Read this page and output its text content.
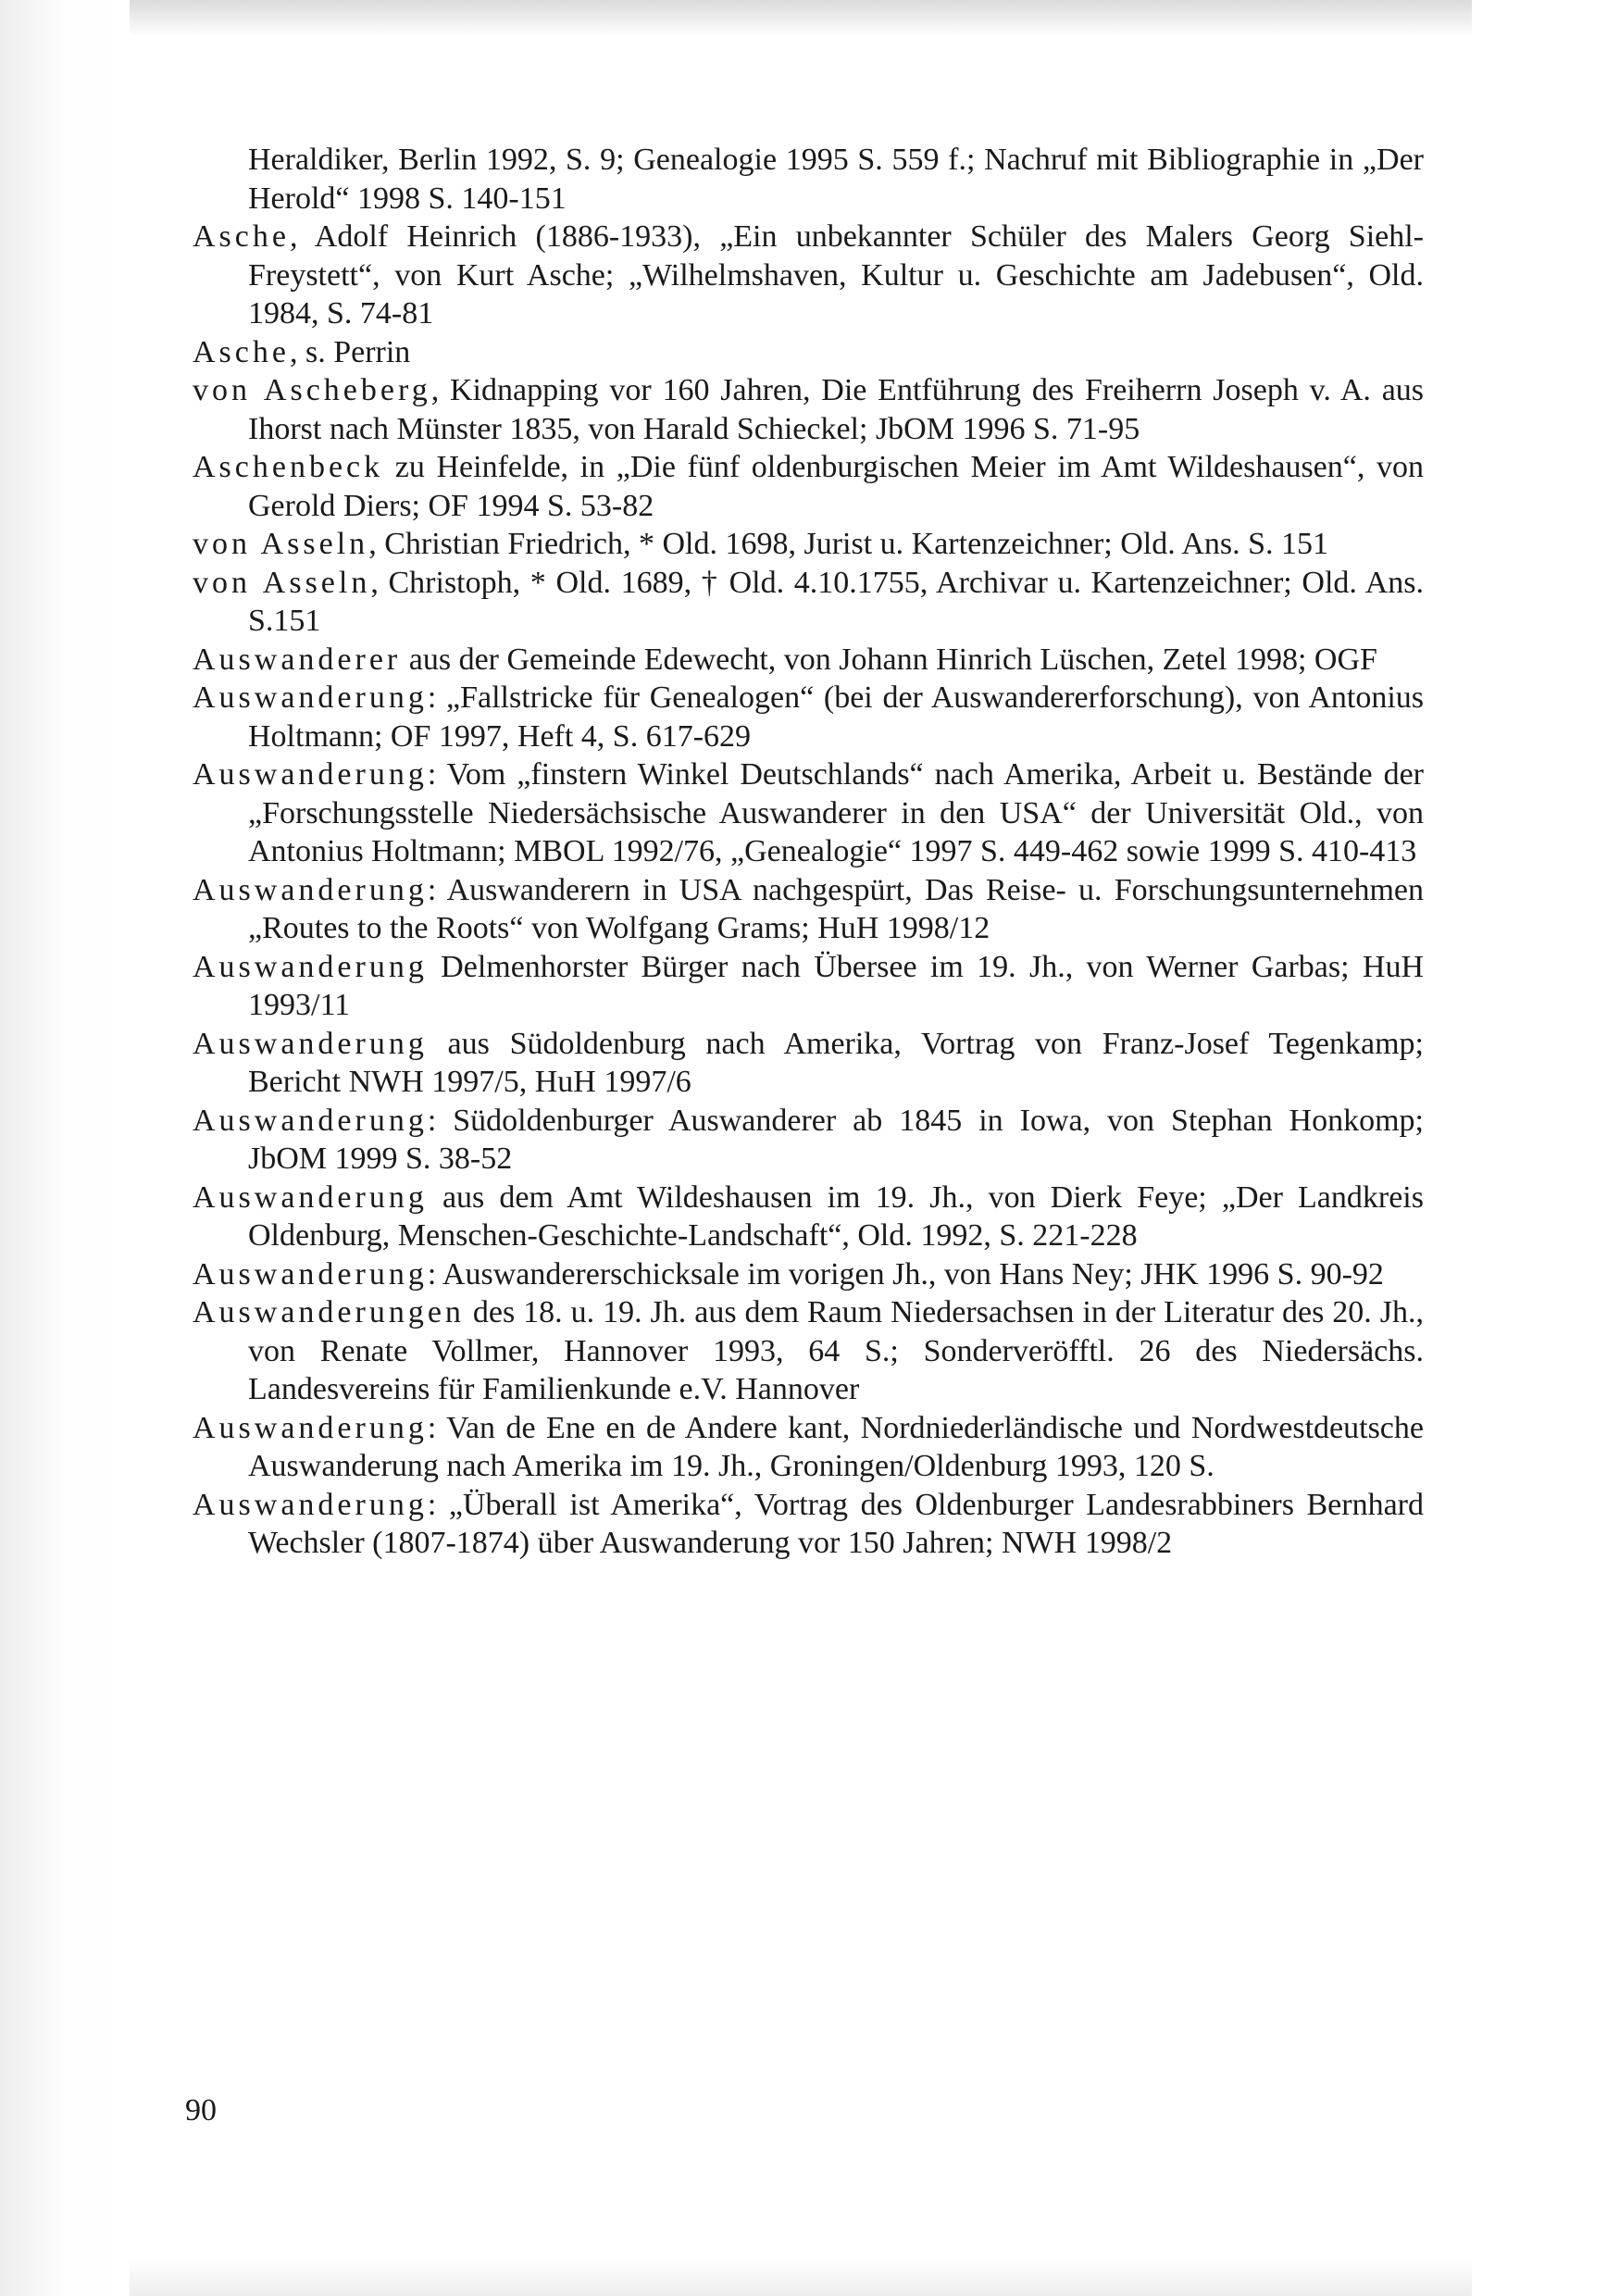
Heraldiker, Berlin 1992, S. 9; Genealogie 1995 S. 559 f.; Nachruf mit Bibliographie in „Der Herold“ 1998 S. 140-151

Asche, Adolf Heinrich (1886-1933), „Ein unbekannter Schüler des Malers Georg Siehl-Freystett“, von Kurt Asche; „Wilhelmshaven, Kultur u. Geschichte am Jadebusen“, Old. 1984, S. 74-81

Asche, s. Perrin

von Ascheberg, Kidnapping vor 160 Jahren, Die Entführung des Freiherrn Joseph v. A. aus Ihorst nach Münster 1835, von Harald Schieckel; JbOM 1996 S. 71-95

Aschenbeck zu Heinfelde, in „Die fünf oldenburgischen Meier im Amt Wildeshausen“, von Gerold Diers; OF 1994 S. 53-82

von Asseln, Christian Friedrich, * Old. 1698, Jurist u. Kartenzeichner; Old. Ans. S. 151

von Asseln, Christoph, * Old. 1689, † Old. 4.10.1755, Archivar u. Kartenzeichner; Old. Ans. S.151

Auswanderer aus der Gemeinde Edewecht, von Johann Hinrich Lüschen, Zetel 1998; OGF

Auswanderung: „Fallstricke für Genealogen“ (bei der Auswandererforschung), von Antonius Holtmann; OF 1997, Heft 4, S. 617-629

Auswanderung: Vom „finstern Winkel Deutschlands“ nach Amerika, Arbeit u. Bestände der „Forschungsstelle Niedersächsische Auswanderer in den USA“ der Universität Old., von Antonius Holtmann; MBOL 1992/76, „Genealogie“ 1997 S. 449-462 sowie 1999 S. 410-413

Auswanderung: Auswanderern in USA nachgespürt, Das Reise- u. Forschungsunternehmen „Routes to the Roots“ von Wolfgang Grams; HuH 1998/12

Auswanderung Delmenhorster Bürger nach Übersee im 19. Jh., von Werner Garbas; HuH 1993/11

Auswanderung aus Südoldenburg nach Amerika, Vortrag von Franz-Josef Tegenkamp; Bericht NWH 1997/5, HuH 1997/6

Auswanderung: Südoldenburger Auswanderer ab 1845 in Iowa, von Stephan Honkomp; JbOM 1999 S. 38-52

Auswanderung aus dem Amt Wildeshausen im 19. Jh., von Dierk Feye; „Der Landkreis Oldenburg, Menschen-Geschichte-Landschaft“, Old. 1992, S. 221-228

Auswanderung: Auswandererschicksale im vorigen Jh., von Hans Ney; JHK 1996 S. 90-92

Auswanderungen des 18. u. 19. Jh. aus dem Raum Niedersachsen in der Literatur des 20. Jh., von Renate Vollmer, Hannover 1993, 64 S.; Sonderveröfftl. 26 des Niedersächs. Landesvereins für Familienkunde e.V. Hannover

Auswanderung: Van de Ene en de Andere kant, Nordniederländische und Nordwestdeutsche Auswanderung nach Amerika im 19. Jh., Groningen/Oldenburg 1993, 120 S.

Auswanderung: „Überall ist Amerika“, Vortrag des Oldenburger Landesrabbiners Bernhard Wechsler (1807-1874) über Auswanderung vor 150 Jahren; NWH 1998/2

90
